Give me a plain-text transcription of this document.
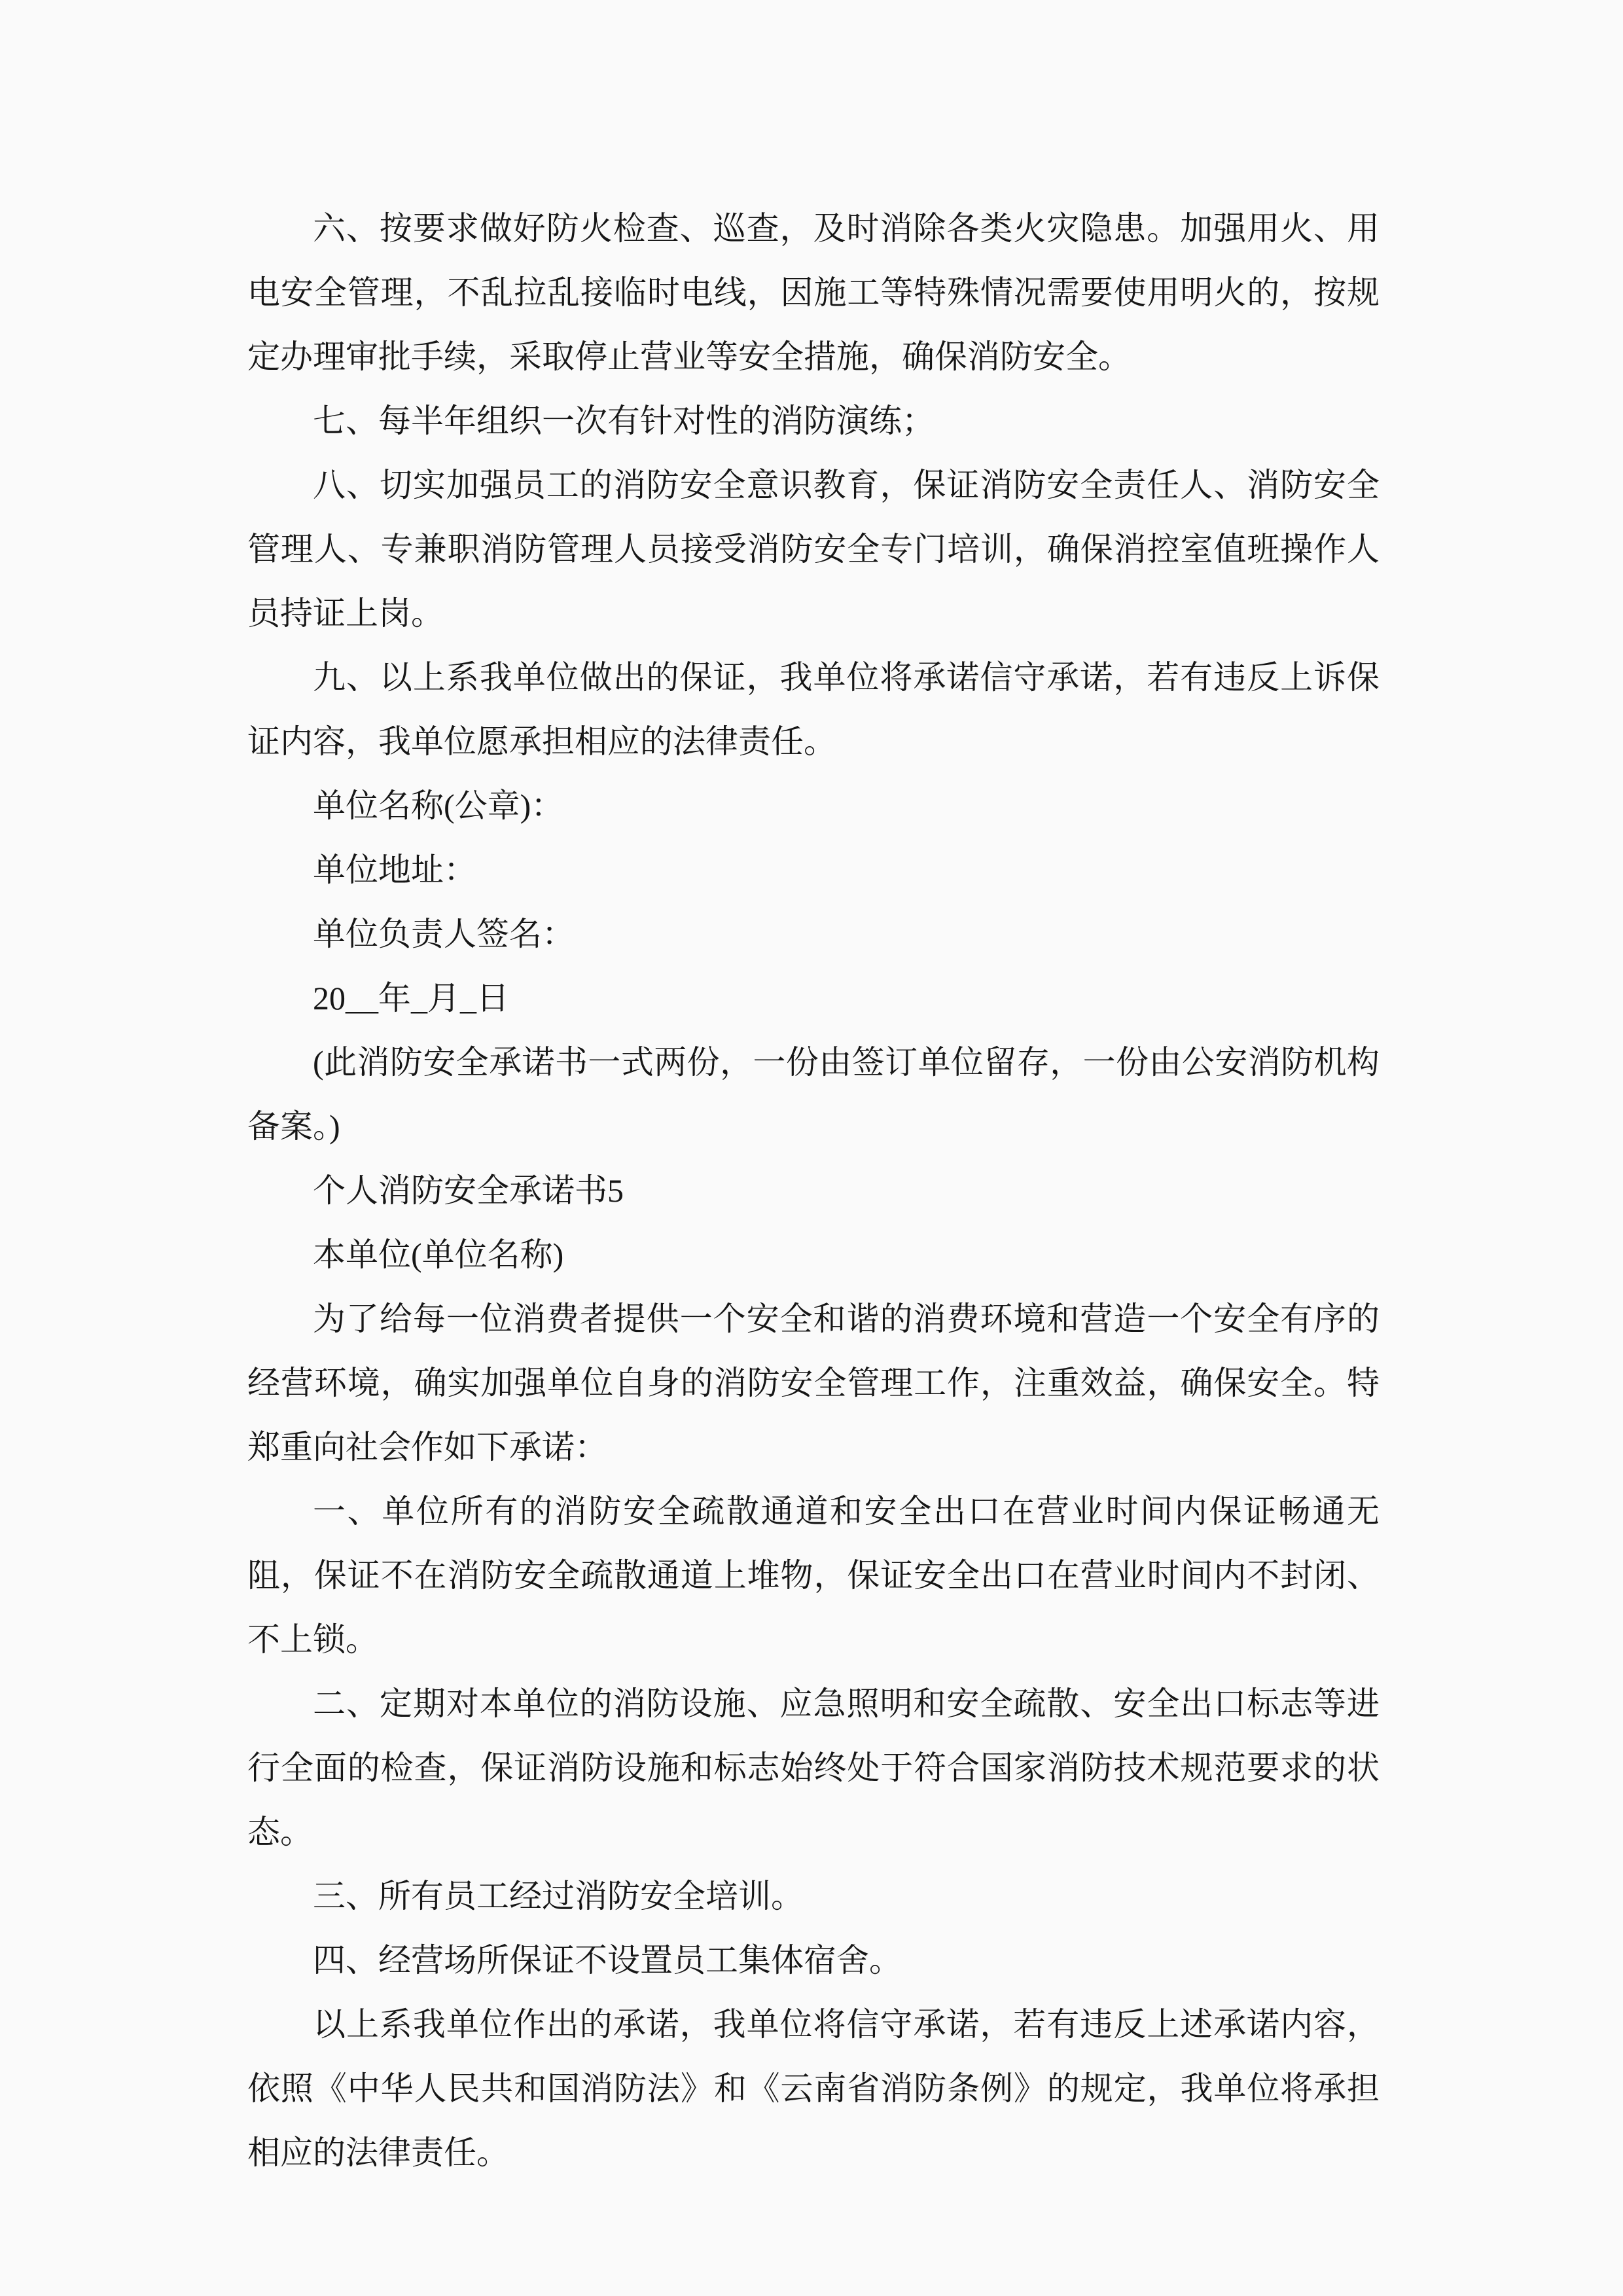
六、按要求做好防火检查、巡查，及时消除各类火灾隐患。加强用火、用电安全管理，不乱拉乱接临时电线，因施工等特殊情况需要使用明火的，按规定办理审批手续，采取停止营业等安全措施，确保消防安全。

七、每半年组织一次有针对性的消防演练；

八、切实加强员工的消防安全意识教育，保证消防安全责任人、消防安全管理人、专兼职消防管理人员接受消防安全专门培训，确保消控室值班操作人员持证上岗。

九、以上系我单位做出的保证，我单位将承诺信守承诺，若有违反上诉保证内容，我单位愿承担相应的法律责任。

单位名称(公章)：

单位地址：

单位负责人签名：

20__年_月_日

(此消防安全承诺书一式两份，一份由签订单位留存，一份由公安消防机构备案。)

个人消防安全承诺书5

本单位(单位名称)

为了给每一位消费者提供一个安全和谐的消费环境和营造一个安全有序的经营环境，确实加强单位自身的消防安全管理工作，注重效益，确保安全。特郑重向社会作如下承诺：

一、单位所有的消防安全疏散通道和安全出口在营业时间内保证畅通无阻，保证不在消防安全疏散通道上堆物，保证安全出口在营业时间内不封闭、不上锁。

二、定期对本单位的消防设施、应急照明和安全疏散、安全出口标志等进行全面的检查，保证消防设施和标志始终处于符合国家消防技术规范要求的状态。

三、所有员工经过消防安全培训。

四、经营场所保证不设置员工集体宿舍。

以上系我单位作出的承诺，我单位将信守承诺，若有违反上述承诺内容，依照《中华人民共和国消防法》和《云南省消防条例》的规定，我单位将承担相应的法律责任。
